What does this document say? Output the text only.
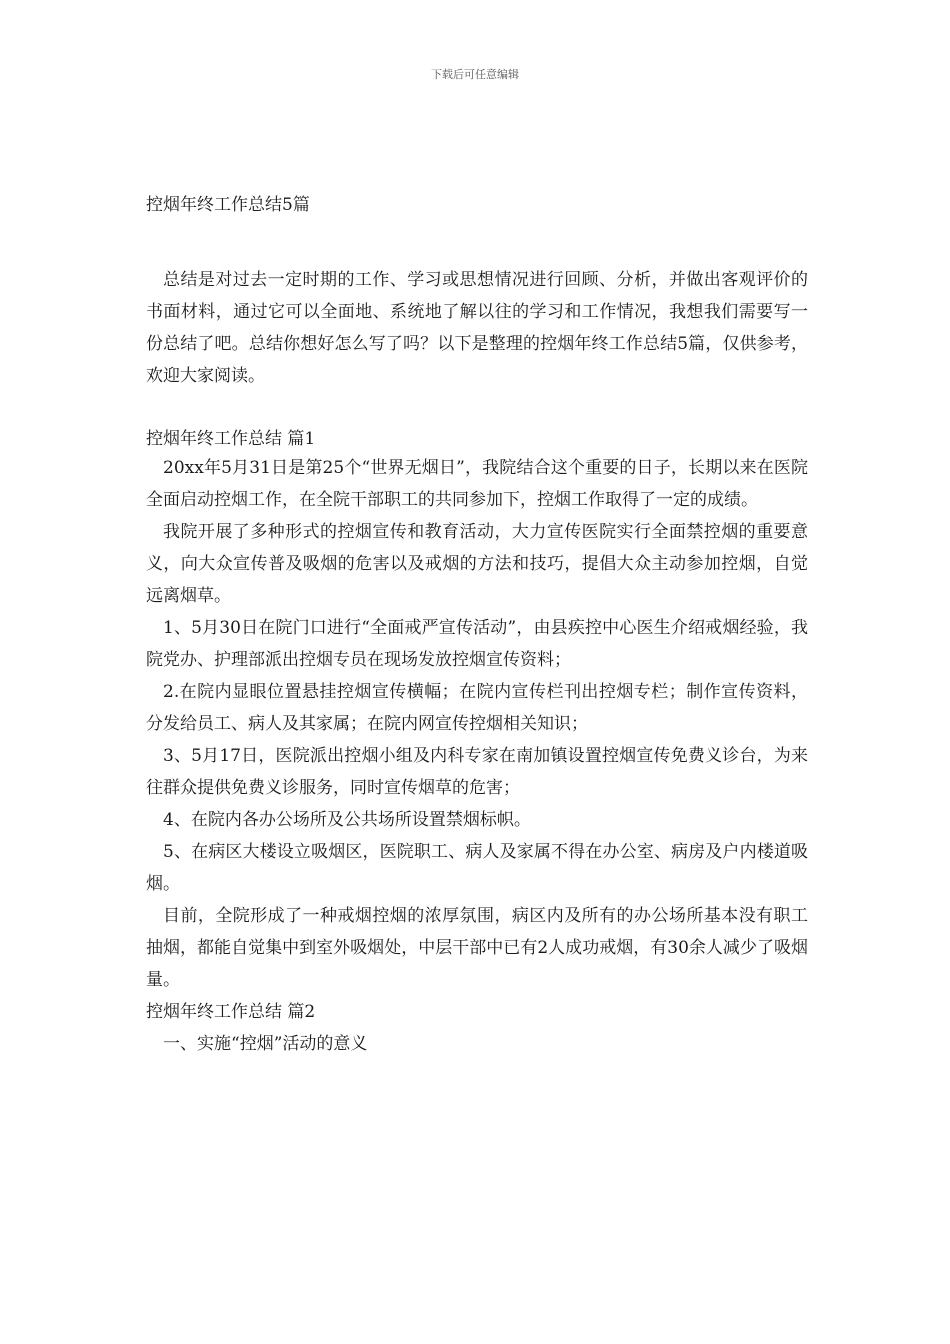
下载后可任意编辑

控烟年终工作总结5篇

总结是对过去一定时期的工作、学习或思想情况进行回顾、分析，并做出客观评价的书面材料，通过它可以全面地、系统地了解以往的学习和工作情况，我想我们需要写一份总结了吧。总结你想好怎么写了吗？以下是整理的控烟年终工作总结5篇，仅供参考，欢迎大家阅读。

控烟年终工作总结 篇1

20xx年5月31日是第25个“世界无烟日”，我院结合这个重要的日子，长期以来在医院全面启动控烟工作，在全院干部职工的共同参加下，控烟工作取得了一定的成绩。

我院开展了多种形式的控烟宣传和教育活动，大力宣传医院实行全面禁控烟的重要意义，向大众宣传普及吸烟的危害以及戒烟的方法和技巧，提倡大众主动参加控烟，自觉远离烟草。

1、5月30日在院门口进行“全面戒严宣传活动”，由县疾控中心医生介绍戒烟经验，我院党办、护理部派出控烟专员在现场发放控烟宣传资料；

2.在院内显眼位置悬挂控烟宣传横幅；在院内宣传栏刊出控烟专栏；制作宣传资料，分发给员工、病人及其家属；在院内网宣传控烟相关知识；

3、5月17日，医院派出控烟小组及内科专家在南加镇设置控烟宣传免费义诊台，为来往群众提供免费义诊服务，同时宣传烟草的危害；

4、在院内各办公场所及公共场所设置禁烟标帜。

5、在病区大楼设立吸烟区，医院职工、病人及家属不得在办公室、病房及户内楼道吸烟。

目前，全院形成了一种戒烟控烟的浓厚氛围，病区内及所有的办公场所基本没有职工抽烟，都能自觉集中到室外吸烟处，中层干部中已有2人成功戒烟，有30余人减少了吸烟量。

控烟年终工作总结 篇2

一、实施“控烟”活动的意义
